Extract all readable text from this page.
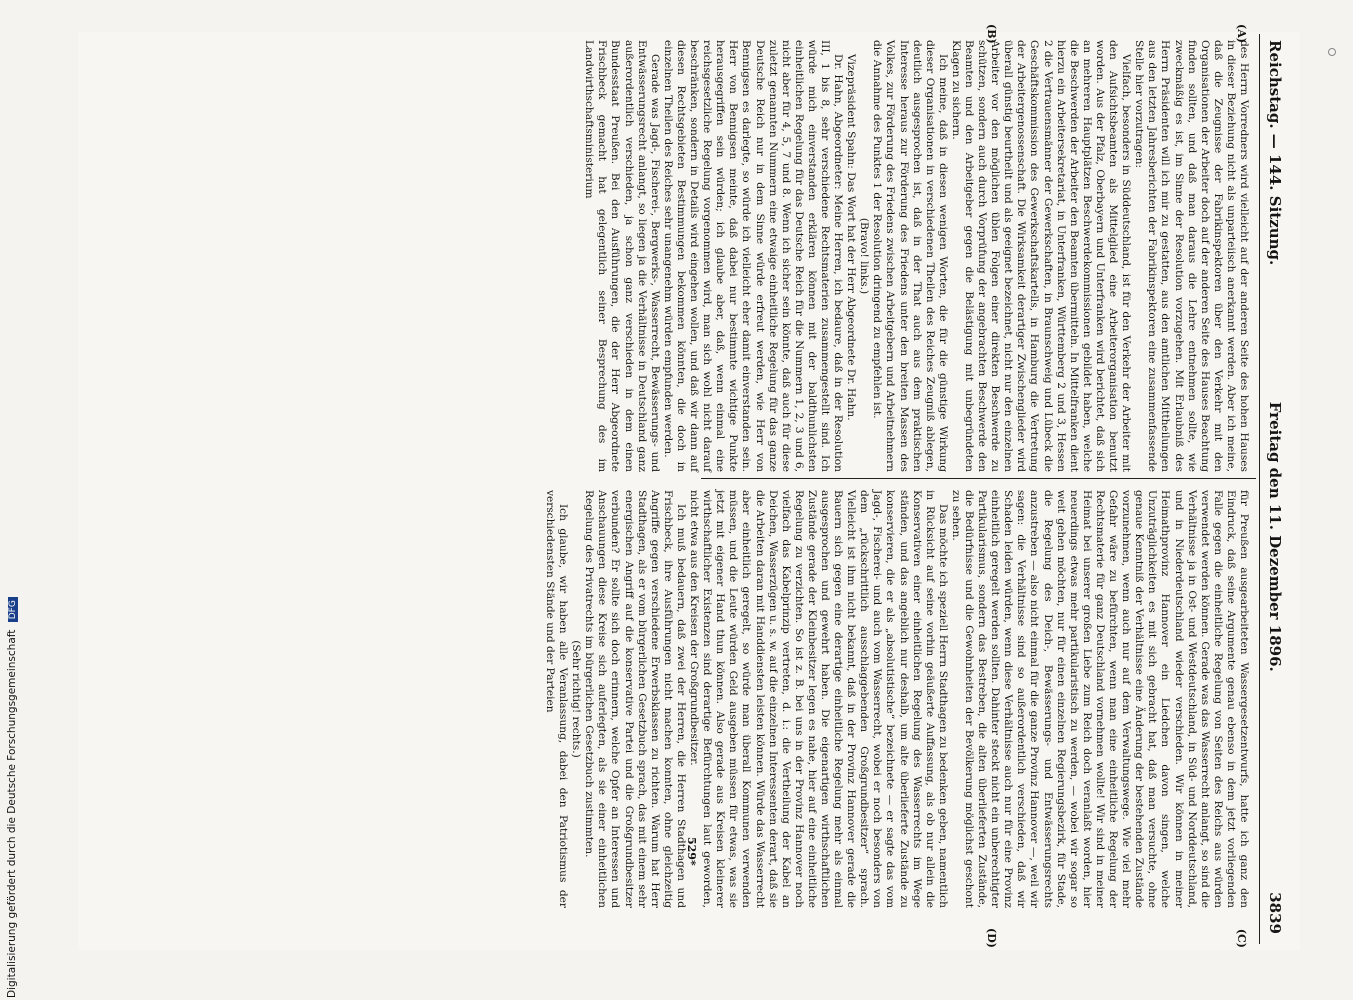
Reichstag. — 144. Sitzung.
Freitag den 11. Dezember 1896.  3839

des Herrn Vorredners wird vielleicht auf der anderen Seite des hohen Hauses in dieser Beziehung nicht als unparteiisch anerkannt werden. Aber ich meine, daß die Zeugnisse der Fabrikinspektoren über den Verkehr mit den Organisationen der Arbeiter doch auf der anderen Seite des Hauses Beachtung finden sollten, und daß man daraus die Lehre entnehmen sollte, wie zweckmäßig es ist, im Sinne der Resolution vorzugehen. Mit Erlaubniß des Herrn Präsidenten will ich mir zu gestatten, aus den amtlichen Mittheilungen aus den letzten Jahresberichten der Fabrikinspektoren eine zusammenfassende Stelle hier vorzutragen:

Vielfach, besonders in Süddeutschland, ist für den Verkehr der Arbeiter mit den Aufsichtsbeamten als Mittelglied eine Arbeiterorganisation benutzt worden. Aus der Pfalz, Oberbayern und Unterfranken wird berichtet, daß sich an mehreren Hauptplätzen Beschwerdekommissionen gebildet haben, welche die Beschwerden der Arbeiter den Beamten übermitteln. In Mittelfranken dient hierzu ein Arbeitersekretariat, in Unterfranken, Württemberg 2 und 3, Hessen 2 die Vertrauensmänner der Gewerkschaften, in Braunschweig und Lübeck die Geschäftskommission des Gewerkschaftskartells, in Hamburg die Vertretung der Arbeitergenossenschaft. Die Wirksamkeit derartiger Zwischenglieder wird überall günstig beurtheilt und als geeignet bezeichnet, nicht nur den einzelnen Arbeiter vor den möglichen üblen Folgen einer direkten Beschwerde zu schützen, sondern auch durch Vorprüfung der angebrachten Beschwerde den Beamten und den Arbeitgeber gegen die Belästigung mit unbegründeten Klagen zu sichern.

Ich meine, daß in diesen wenigen Worten, die für die günstige Wirkung dieser Organisationen in verschiedenen Theilen des Reiches Zeugniß ablegen, deutlich ausgesprochen ist, daß in der That auch aus dem praktischen Interesse heraus zur Förderung des Friedens unter den breiten Massen des Volkes, zur Förderung des Friedens zwischen Arbeitgebern und Arbeitnehmern die Annahme des Punktes 1 der Resolution dringend zu empfehlen ist.

(Bravo! links.)

Vizepräsident Spahn: Das Wort hat der Herr Abgeordnete Dr. Hahn.

Dr. Hahn, Abgeordneter: Meine Herren, ich bedaure, daß in der Resolution III, 1 bis 8, sehr verschiedene Rechtsmaterien zusammengestellt sind. Ich würde mich einverstanden erklären können mit der baldthunlichsten einheitlichen Regelung für das Deutsche Reich für die Nummern 1, 2, 3 und 6, nicht aber für 4, 5, 7 und 8. Wenn ich sicher sein könnte, daß auch für diese zuletzt genannten Nummern eine etwaige einheitliche Regelung für das ganze Deutsche Reich nur in dem Sinne würde erfreut werden, wie Herr von Bennigsen es darlegte, so würde ich vielleicht eher damit einverstanden sein. Herr von Bennigsen meinte, daß dabei nur bestimmte wichtige Punkte herausgegriffen sein würden; ich glaube aber, daß, wenn einmal eine reichsgesetzliche Regelung vorgenommen wird, man sich wohl nicht darauf beschränken, sondern in Details wird eingehen wollen, und daß wir dann auf diesen Rechtsgebieten Bestimmungen bekommen könnten, die doch in einzelnen Theilen des Reiches sehr unangenehm würden empfunden werden.

Gerade was Jagd-, Fischerei-, Bergwerks-, Wasserrecht, Bewässerungs- und Entwässerungsrecht anlangt, so liegen ja die Verhältnisse in Deutschland ganz außerordentlich verschieden, ja schon ganz verschieden in dem einen Bundesstaat Preußen. Bei den Ausführungen, die der Herr Abgeordnete Frischbeck gemacht hat gelegentlich seiner Besprechung des im Landwirthschaftsministerium

für Preußen ausgearbeiteten Wassergesetzentwurfs, hatte ich ganz den Eindruck, daß seine Argumente genau ebenso in dem jetzt vorliegenden Falle gegen die einheitliche Regelung von Seiten des Reichs aus würden verwendet werden können. Gerade was das Wasserrecht anlangt, so sind die Verhältnisse ja in Ost- und Westdeutschland, in Süd- und Norddeutschland, und in Niederdeutschland wieder verschieden. Wir können in meiner Heimathprovinz Hannover ein Liedchen davon singen, welche Unzuträglichkeiten es mit sich gebracht hat, daß man versuchte, ohne genaue Kenntniß der Verhältnisse eine Änderung der bestehenden Zustände vorzunehmen, wenn auch nur auf dem Verwaltungswege. Wie viel mehr Gefahr wäre zu befürchten, wenn man eine einheitliche Regelung der Rechtsmaterie für ganz Deutschland vornehmen wollte! Wir sind in meiner Heimat bei unserer großen Liebe zum Reich doch veranlaßt worden, hier neuerdings etwas mehr partikularistisch zu werden, — wobei wir sogar so weit gehen möchten, nur für einen einzelnen Regierungsbezirk, für Stade, die Regelung des Deich-, Bewässerungs- und Entwässerungsrechts anzustreben — also nicht einmal für die ganze Provinz Hannover —, weil wir sagen: die Verhältnisse sind so außerordentlich verschieden, daß wir Schaden leiden würden, wenn diese Verhältnisse auch nur für eine Provinz einheitlich geregelt werden sollten. Dahinter steckt nicht ein unberechtigter Partikularismus, sondern das Bestreben, die alten überlieferten Zustände, die Bedürfnisse und die Gewohnheiten der Bevölkerung möglichst geschont zu sehen.

Das möchte ich speziell Herrn Stadthagen zu bedenken geben, namentlich in Rücksicht auf seine vorhin geäußerte Auffassung, als ob nur allein die Konservativen einer einheitlichen Regelung des Wasserrechts im Wege ständen, und das angeblich nur deshalb, um alte überlieferte Zustände zu konservieren, die er als „absolutistische“ bezeichnete — er sagte das vom Jagd-, Fischerei- und auch vom Wasserrecht, wobei er noch besonders von dem „rückschrittlich ausschlaggebenden Großgrundbesitzer“ sprach. Vielleicht ist ihm nicht bekannt, daß in der Provinz Hannover gerade die Bauern sich gegen eine derartige einheitliche Regelung mehr als einmal ausgesprochen und gewehrt haben. Die eigenartigen wirthschaftlichen Zustände gerade der Kleinbesitzer legen es nahe, hier auf eine einheitliche Regelung zu verzichten. So ist z. B. bei uns in der Provinz Hannover noch vielfach das Kabelprinzip vertreten, d. i.: die Vertheilung der Kabel an Deichen, Wasserzügen u. s. w. auf die einzelnen Interessenten derart, daß sie die Arbeiten daran mit Handdiensten leisten können. Würde das Wasserrecht aber einheitlich geregelt, so würde man überall Kommunen verwenden müssen, und die Leute würden Geld ausgeben müssen für etwas, was sie jetzt mit eigener Hand thun können. Also gerade aus Kreisen kleinerer wirthschaftlicher Existenzen sind derartige Befürchtungen laut geworden, nicht etwa aus den Kreisen der Großgrundbesitzer.

Ich muß bedauern, daß zwei der Herren, die Herren Stadthagen und Frischbeck, ihre Ausführungen nicht machen konnten, ohne gleichzeitig Angriffe gegen verschiedene Erwerbsklassen zu richten. Warum hat Herr Stadthagen, als er vom bürgerlichen Gesetzbuch sprach, das mit einem sehr energischen Angriff auf die konservative Partei und die Großgrundbesitzer verbunden? Er sollte sich doch erinnern, welche Opfer an Interessen und Anschauungen diese Kreise sich auferlegten, als sie einer einheitlichen Regelung des Privatrechts im bürgerlichen Gesetzbuch zustimmten.

(Sehr richtig! rechts.)

Ich glaube, wir haben alle Veranlassung, dabei den Patriotismus der verschiedensten Stände und der Parteien

(A)
(B)
(C)
(D)
529*
Digitalisierung gefördert durch die Deutsche Forschungsgemeinschaft DFG
